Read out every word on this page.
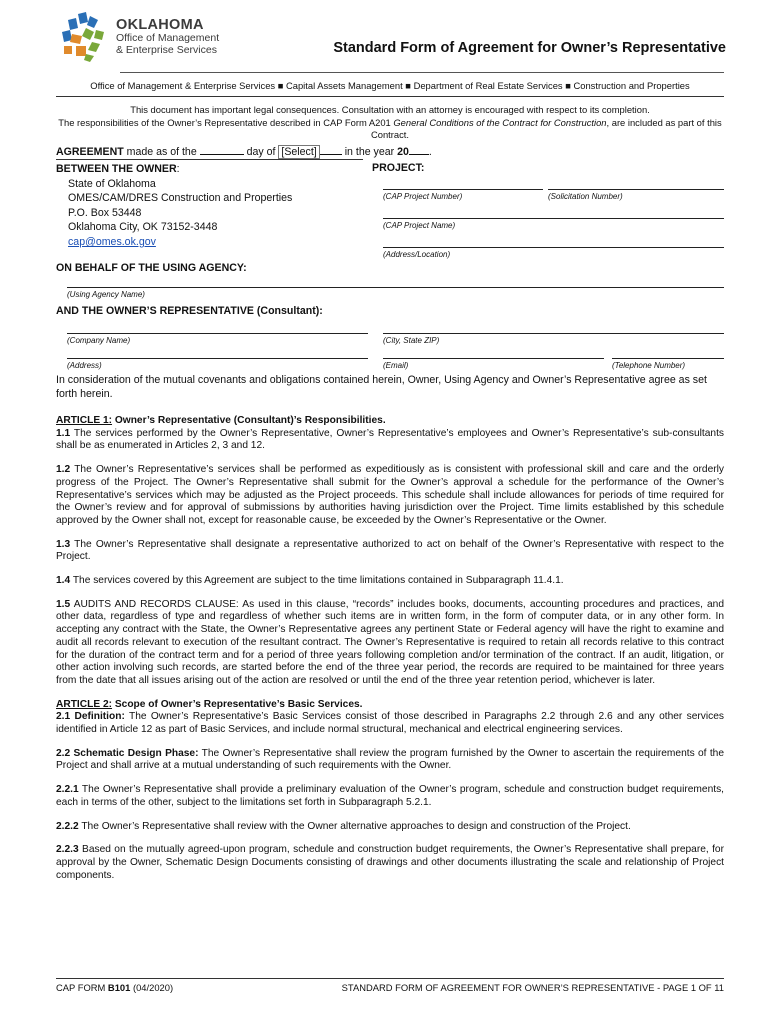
OKLAHOMA
Office of Management
& Enterprise Services	Standard Form of Agreement for Owner’s Representative
Office of Management & Enterprise Services ■ Capital Assets Management ■ Department of Real Estate Services ■ Construction and Properties
This document has important legal consequences. Consultation with an attorney is encouraged with respect to its completion.
The responsibilities of the Owner’s Representative described in CAP Form A201 General Conditions of the Contract for Construction, are included as part of this Contract.
AGREEMENT made as of the	day of [Select] in the year 20 .
BETWEEN THE OWNER:
State of Oklahoma
OMES/CAM/DRES Construction and Properties
P.O. Box 53448
Oklahoma City, OK 73152-3448
cap@omes.ok.gov
PROJECT:
(CAP Project Number)	(Solicitation Number)
(CAP Project Name)
(Address/Location)
ON BEHALF OF THE USING AGENCY:
(Using Agency Name)
AND THE OWNER’S REPRESENTATIVE (Consultant):
(Company Name)	(City, State ZIP)
(Address)	(Email)	(Telephone Number)
In consideration of the mutual covenants and obligations contained herein, Owner, Using Agency and Owner’s Representative agree as set forth herein.

ARTICLE 1: Owner’s Representative (Consultant)’s Responsibilities.

1.1 The services performed by the Owner’s Representative, Owner’s Representative’s employees and Owner’s Representative’s sub-consultants shall be as enumerated in Articles 2, 3 and 12.

1.2 The Owner’s Representative’s services shall be performed as expeditiously as is consistent with professional skill and care and the orderly progress of the Project. The Owner’s Representative shall submit for the Owner’s approval a schedule for the performance of the Owner’s Representative’s services which may be adjusted as the Project proceeds. This schedule shall include allowances for periods of time required for the Owner’s review and for approval of submissions by authorities having jurisdiction over the Project. Time limits established by this schedule approved by the Owner shall not, except for reasonable cause, be exceeded by the Owner’s Representative or the Owner.

1.3 The Owner’s Representative shall designate a representative authorized to act on behalf of the Owner’s Representative with respect to the Project.

1.4 The services covered by this Agreement are subject to the time limitations contained in Subparagraph 11.4.1.

1.5 AUDITS AND RECORDS CLAUSE: As used in this clause, “records” includes books, documents, accounting procedures and practices, and other data, regardless of type and regardless of whether such items are in written form, in the form of computer data, or in any other form. In accepting any contract with the State, the Owner’s Representative agrees any pertinent State or Federal agency will have the right to examine and audit all records relevant to execution of the resultant contract. The Owner’s Representative is required to retain all records relative to this contract for the duration of the contract term and for a period of three years following completion and/or termination of the contract. If an audit, litigation, or other action involving such records, are started before the end of the three year period, the records are required to be maintained for three years from the date that all issues arising out of the action are resolved or until the end of the three year retention period, whichever is later.

ARTICLE 2: Scope of Owner’s Representative’s Basic Services.

2.1 Definition: The Owner’s Representative’s Basic Services consist of those described in Paragraphs 2.2 through 2.6 and any other services identified in Article 12 as part of Basic Services, and include normal structural, mechanical and electrical engineering services.

2.2 Schematic Design Phase: The Owner’s Representative shall review the program furnished by the Owner to ascertain the requirements of the Project and shall arrive at a mutual understanding of such requirements with the Owner.

2.2.1 The Owner’s Representative shall provide a preliminary evaluation of the Owner’s program, schedule and construction budget requirements, each in terms of the other, subject to the limitations set forth in Subparagraph 5.2.1.

2.2.2 The Owner’s Representative shall review with the Owner alternative approaches to design and construction of the Project.

2.2.3 Based on the mutually agreed-upon program, schedule and construction budget requirements, the Owner’s Representative shall prepare, for approval by the Owner, Schematic Design Documents consisting of drawings and other documents illustrating the scale and relationship of Project components.

CAP FORM B101 (04/2020)	STANDARD FORM OF AGREEMENT FOR OWNER’S REPRESENTATIVE - PAGE 1 OF 11
